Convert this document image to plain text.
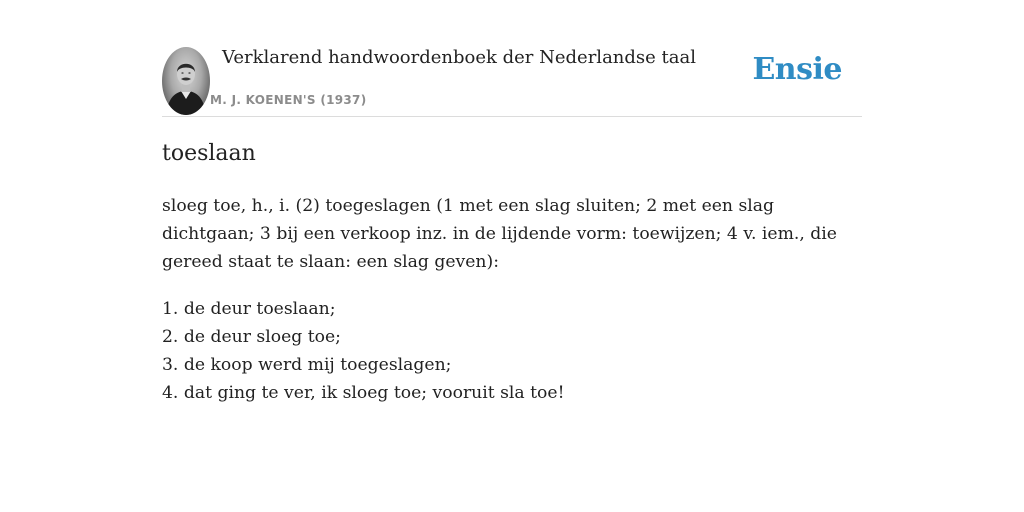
Verklarend handwoordenboek der Nederlandse taal
M. J. KOENEN'S (1937)
Ensie
toeslaan

sloeg toe, h., i. (2) toegeslagen (1 met een slag sluiten; 2 met een slag dichtgaan; 3 bij een verkoop inz. in de lijdende vorm: toewijzen; 4 v. iem., die gereed staat te slaan: een slag geven):

1. de deur toeslaan;
2. de deur sloeg toe;
3. de koop werd mij toegeslagen;
4. dat ging te ver, ik sloeg toe; vooruit sla toe!
